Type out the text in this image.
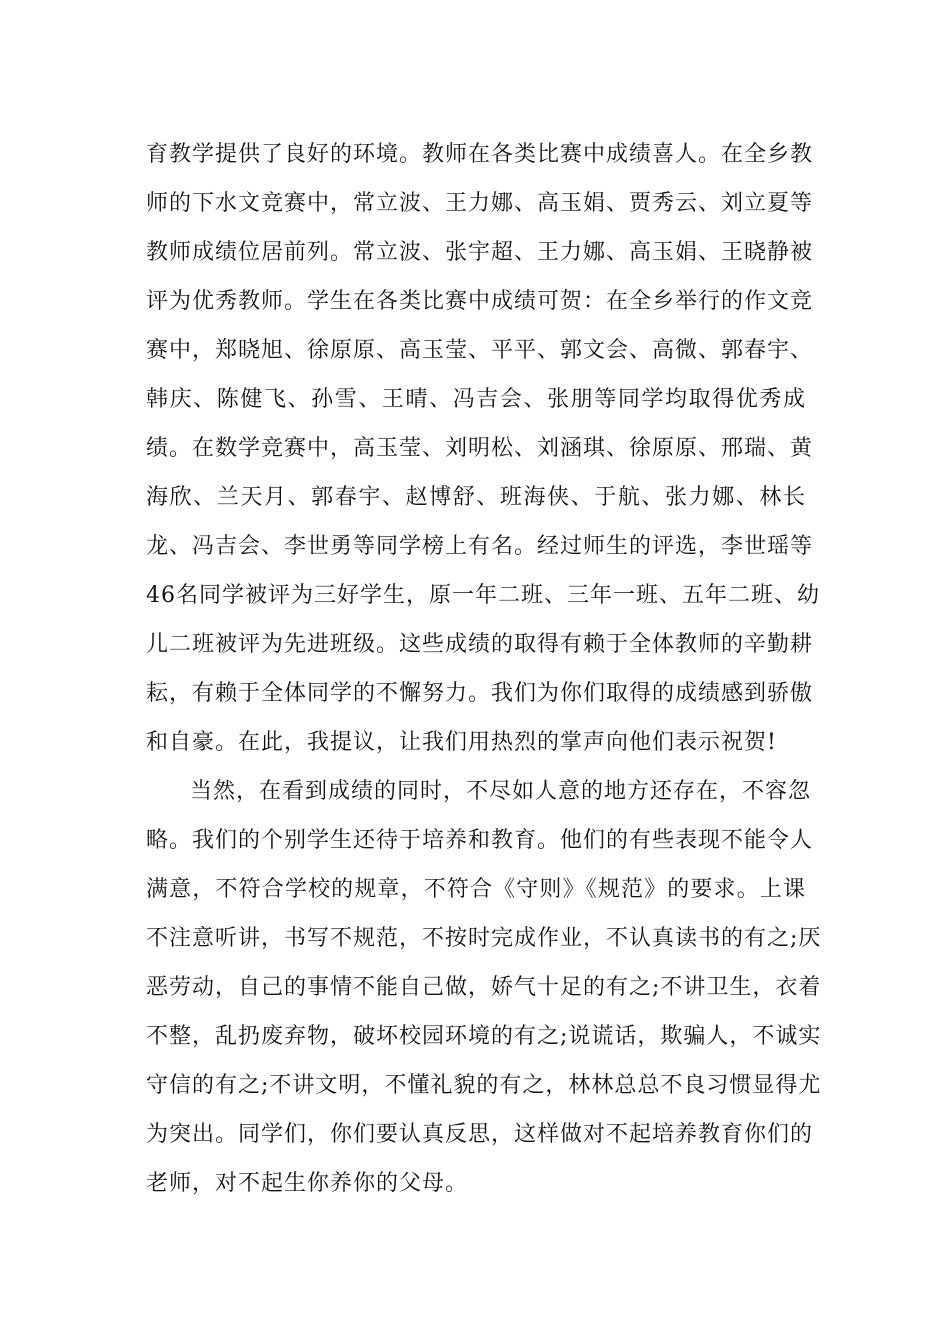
育教学提供了良好的环境。教师在各类比赛中成绩喜人。在全乡教
师的下水文竞赛中，常立波、王力娜、高玉娟、贾秀云、刘立夏等
教师成绩位居前列。常立波、张宇超、王力娜、高玉娟、王晓静被
评为优秀教师。学生在各类比赛中成绩可贺：在全乡举行的作文竞
赛中，郑晓旭、徐原原、高玉莹、平平、郭文会、高微、郭春宇、
韩庆、陈健飞、孙雪、王晴、冯吉会、张朋等同学均取得优秀成
绩。在数学竞赛中，高玉莹、刘明松、刘涵琪、徐原原、邢瑞、黄
海欣、兰天月、郭春宇、赵博舒、班海侠、于航、张力娜、林长
龙、冯吉会、李世勇等同学榜上有名。经过师生的评选，李世瑶等
46名同学被评为三好学生，原一年二班、三年一班、五年二班、幼
儿二班被评为先进班级。这些成绩的取得有赖于全体教师的辛勤耕
耘，有赖于全体同学的不懈努力。我们为你们取得的成绩感到骄傲
和自豪。在此，我提议，让我们用热烈的掌声向他们表示祝贺!
当然，在看到成绩的同时，不尽如人意的地方还存在，不容忽
略。我们的个别学生还待于培养和教育。他们的有些表现不能令人
满意，不符合学校的规章，不符合《守则》《规范》的要求。上课
不注意听讲，书写不规范，不按时完成作业，不认真读书的有之;厌
恶劳动，自己的事情不能自己做，娇气十足的有之;不讲卫生，衣着
不整，乱扔废弃物，破坏校园环境的有之;说谎话，欺骗人，不诚实
守信的有之;不讲文明，不懂礼貌的有之，林林总总不良习惯显得尤
为突出。同学们，你们要认真反思，这样做对不起培养教育你们的
老师，对不起生你养你的父母。
